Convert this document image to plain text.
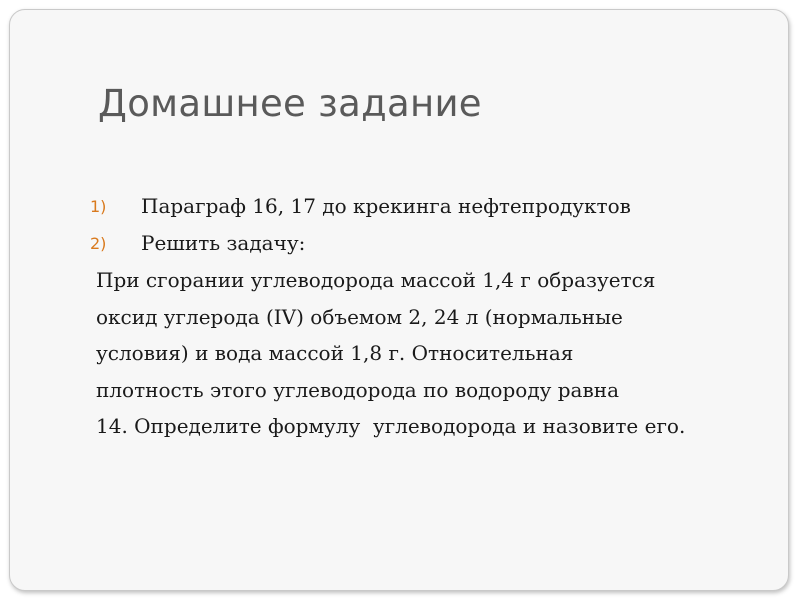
Домашнее задание
1)	Параграф 16, 17 до крекинга нефтепродуктов
2)	Решить задачу:
При сгорании углеводорода массой 1,4 г образуется
оксид углерода (IV) объемом 2, 24 л (нормальные
условия) и вода массой 1,8 г. Относительная
плотность этого углеводорода по водороду равна
14. Определите формулу  углеводорода и назовите его.
